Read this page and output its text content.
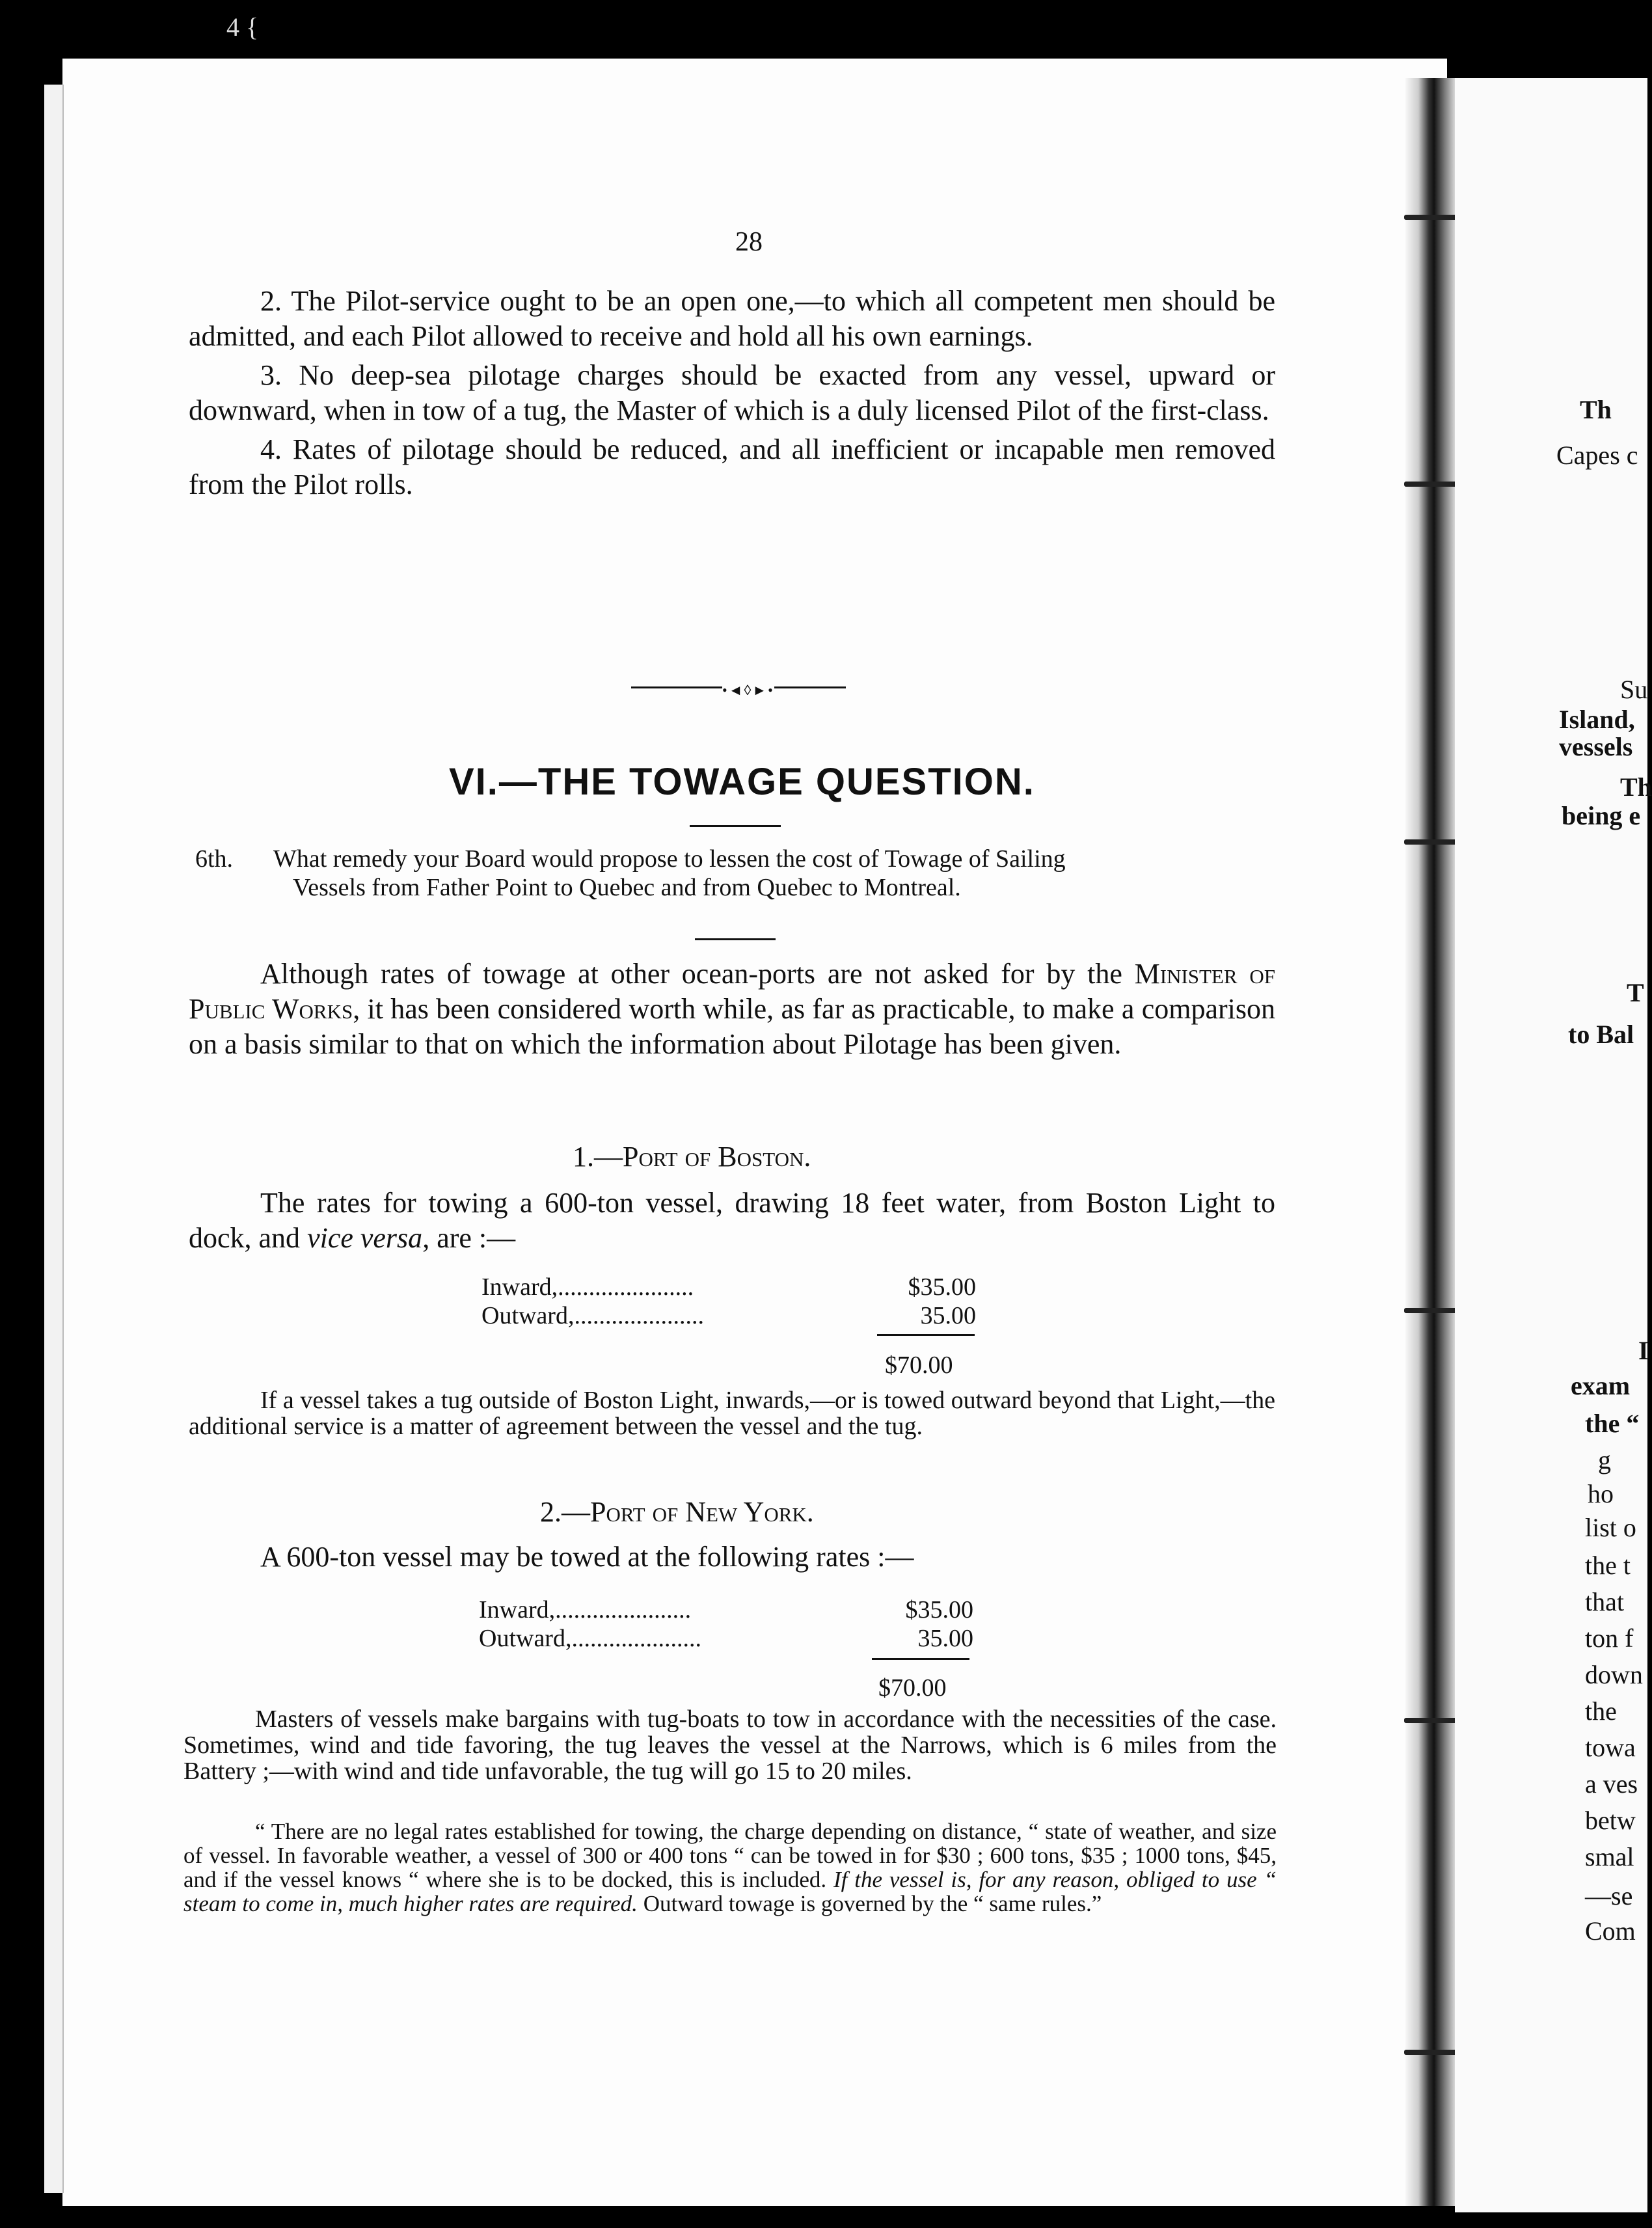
4 {
28

2. The Pilot-service ought to be an open one,—to which all competent men should be admitted, and each Pilot allowed to receive and hold all his own earnings.

3. No deep-sea pilotage charges should be exacted from any vessel, upward or downward, when in tow of a tug, the Master of which is a duly licensed Pilot of the first-class.

4. Rates of pilotage should be reduced, and all inefficient or incapable men removed from the Pilot rolls.

•◄◊►•
VI.—THE TOWAGE QUESTION.
6th. What remedy your Board would propose to lessen the cost of Towage of Sailing
Vessels from Father Point to Quebec and from Quebec to Montreal.

Although rates of towage at other ocean-ports are not asked for by the Minister of Public Works, it has been considered worth while, as far as practicable, to make a comparison on a basis similar to that on which the information about Pilotage has been given.

1.—Port of Boston.

The rates for towing a 600-ton vessel, drawing 18 feet water, from Boston Light to dock, and vice versa, are :—

Inward,......................	$35.00
Outward,.....................	35.00
$70.00

If a vessel takes a tug outside of Boston Light, inwards,—or is towed outward beyond that Light,—the additional service is a matter of agreement between the vessel and the tug.

2.—Port of New York.

A 600-ton vessel may be towed at the following rates :—

Inward,......................	$35.00
Outward,.....................	35.00
$70.00

Masters of vessels make bargains with tug-boats to tow in accordance with the necessities of the case. Sometimes, wind and tide favoring, the tug leaves the vessel at the Narrows, which is 6 miles from the Battery ;—with wind and tide unfavorable, the tug will go 15 to 20 miles.

“ There are no legal rates established for towing, the charge depending on distance, “ state of weather, and size of vessel. In favorable weather, a vessel of 300 or 400 tons “ can be towed in for $30 ; 600 tons, $35 ; 1000 tons, $45, and if the vessel knows “ where she is to be docked, this is included. If the vessel is, for any reason, obliged to use “ steam to come in, much higher rates are required. Outward towage is governed by the “ same rules.”

Th
Capes c
Su
Island,
vessels
Th
being e
T
to Bal
I
exam
the “
g
ho
list o
the t
that
ton f
down
the
towa
a ves
betw
smal
—se
Com
